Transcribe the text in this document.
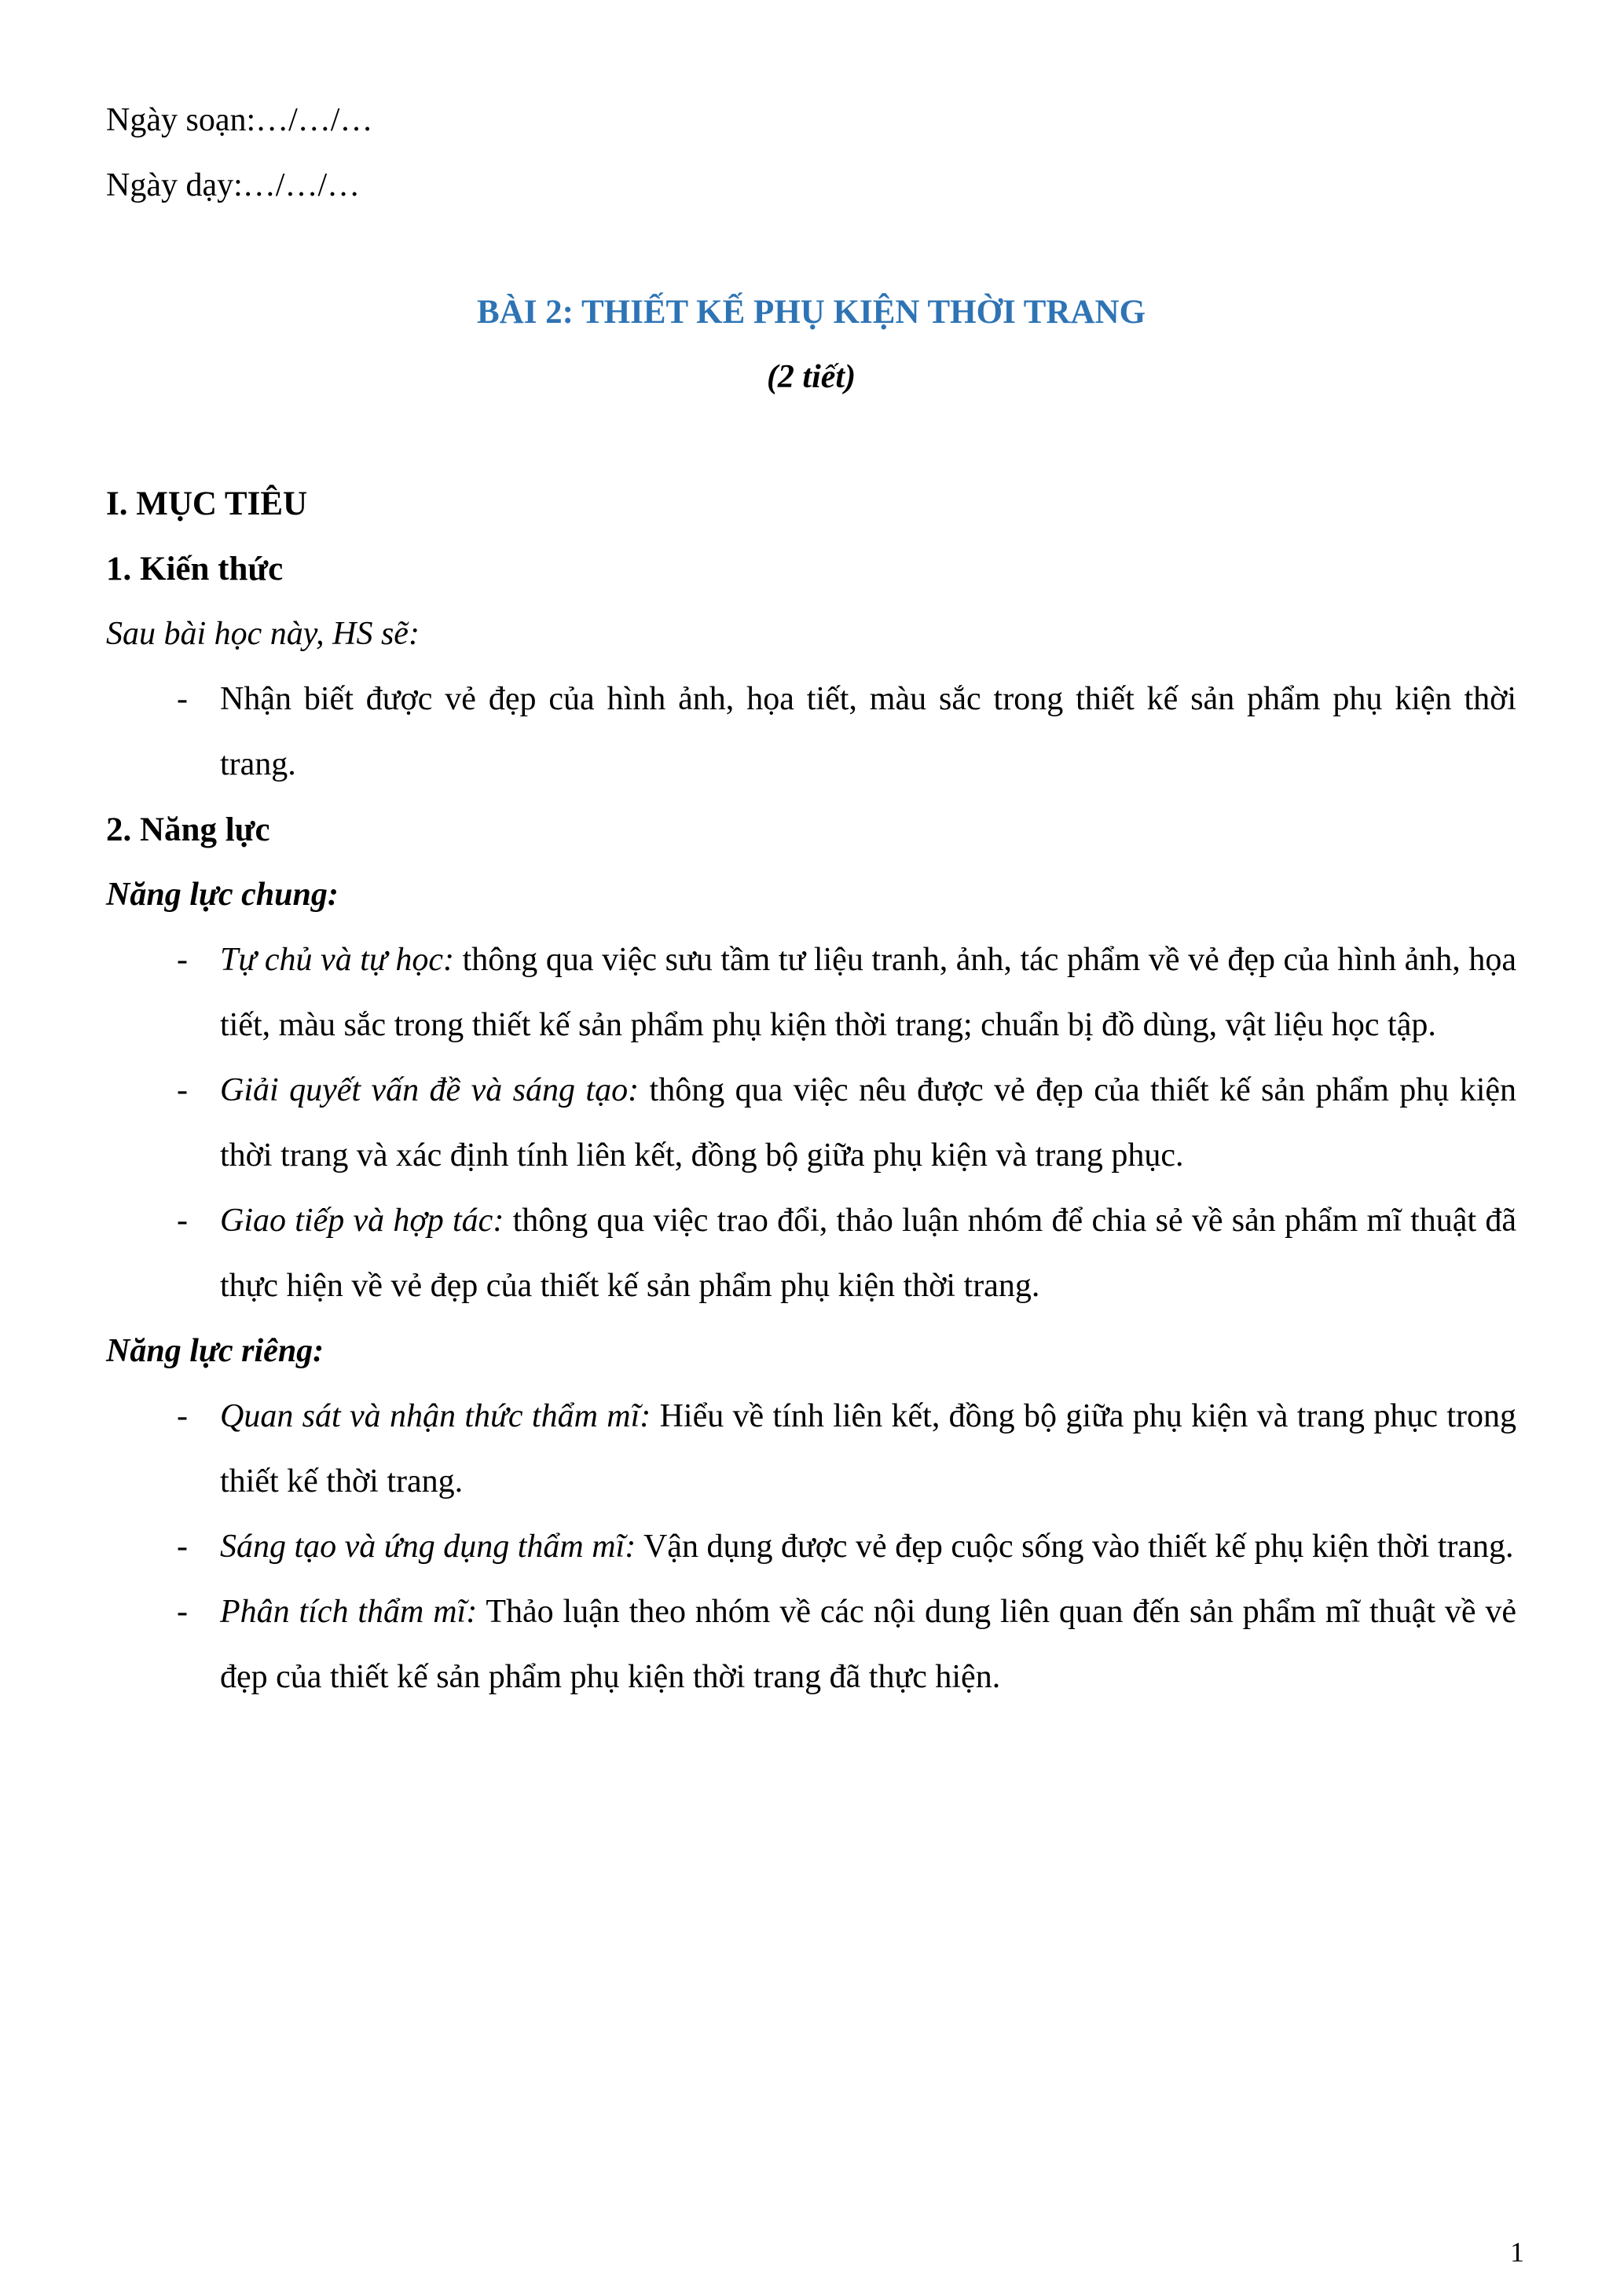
Ngày soạn:…/…/…

Ngày dạy:…/…/…

BÀI 2: THIẾT KẾ PHỤ KIỆN THỜI TRANG

(2 tiết)

I. MỤC TIÊU
1. Kiến thức

Sau bài học này, HS sẽ:

- Nhận biết được vẻ đẹp của hình ảnh, họa tiết, màu sắc trong thiết kế sản phẩm phụ kiện thời trang.
2. Năng lực

Năng lực chung:

- Tự chủ và tự học: thông qua việc sưu tầm tư liệu tranh, ảnh, tác phẩm về vẻ đẹp của hình ảnh, họa tiết, màu sắc trong thiết kế sản phẩm phụ kiện thời trang; chuẩn bị đồ dùng, vật liệu học tập.
- Giải quyết vấn đề và sáng tạo: thông qua việc nêu được vẻ đẹp của thiết kế sản phẩm phụ kiện thời trang và xác định tính liên kết, đồng bộ giữa phụ kiện và trang phục.
- Giao tiếp và hợp tác: thông qua việc trao đổi, thảo luận nhóm để chia sẻ về sản phẩm mĩ thuật đã thực hiện về vẻ đẹp của thiết kế sản phẩm phụ kiện thời trang.

Năng lực riêng:

- Quan sát và nhận thức thẩm mĩ: Hiểu về tính liên kết, đồng bộ giữa phụ kiện và trang phục trong thiết kế thời trang.
- Sáng tạo và ứng dụng thẩm mĩ: Vận dụng được vẻ đẹp cuộc sống vào thiết kế phụ kiện thời trang.
- Phân tích thẩm mĩ: Thảo luận theo nhóm về các nội dung liên quan đến sản phẩm mĩ thuật về vẻ đẹp của thiết kế sản phẩm phụ kiện thời trang đã thực hiện.
1
